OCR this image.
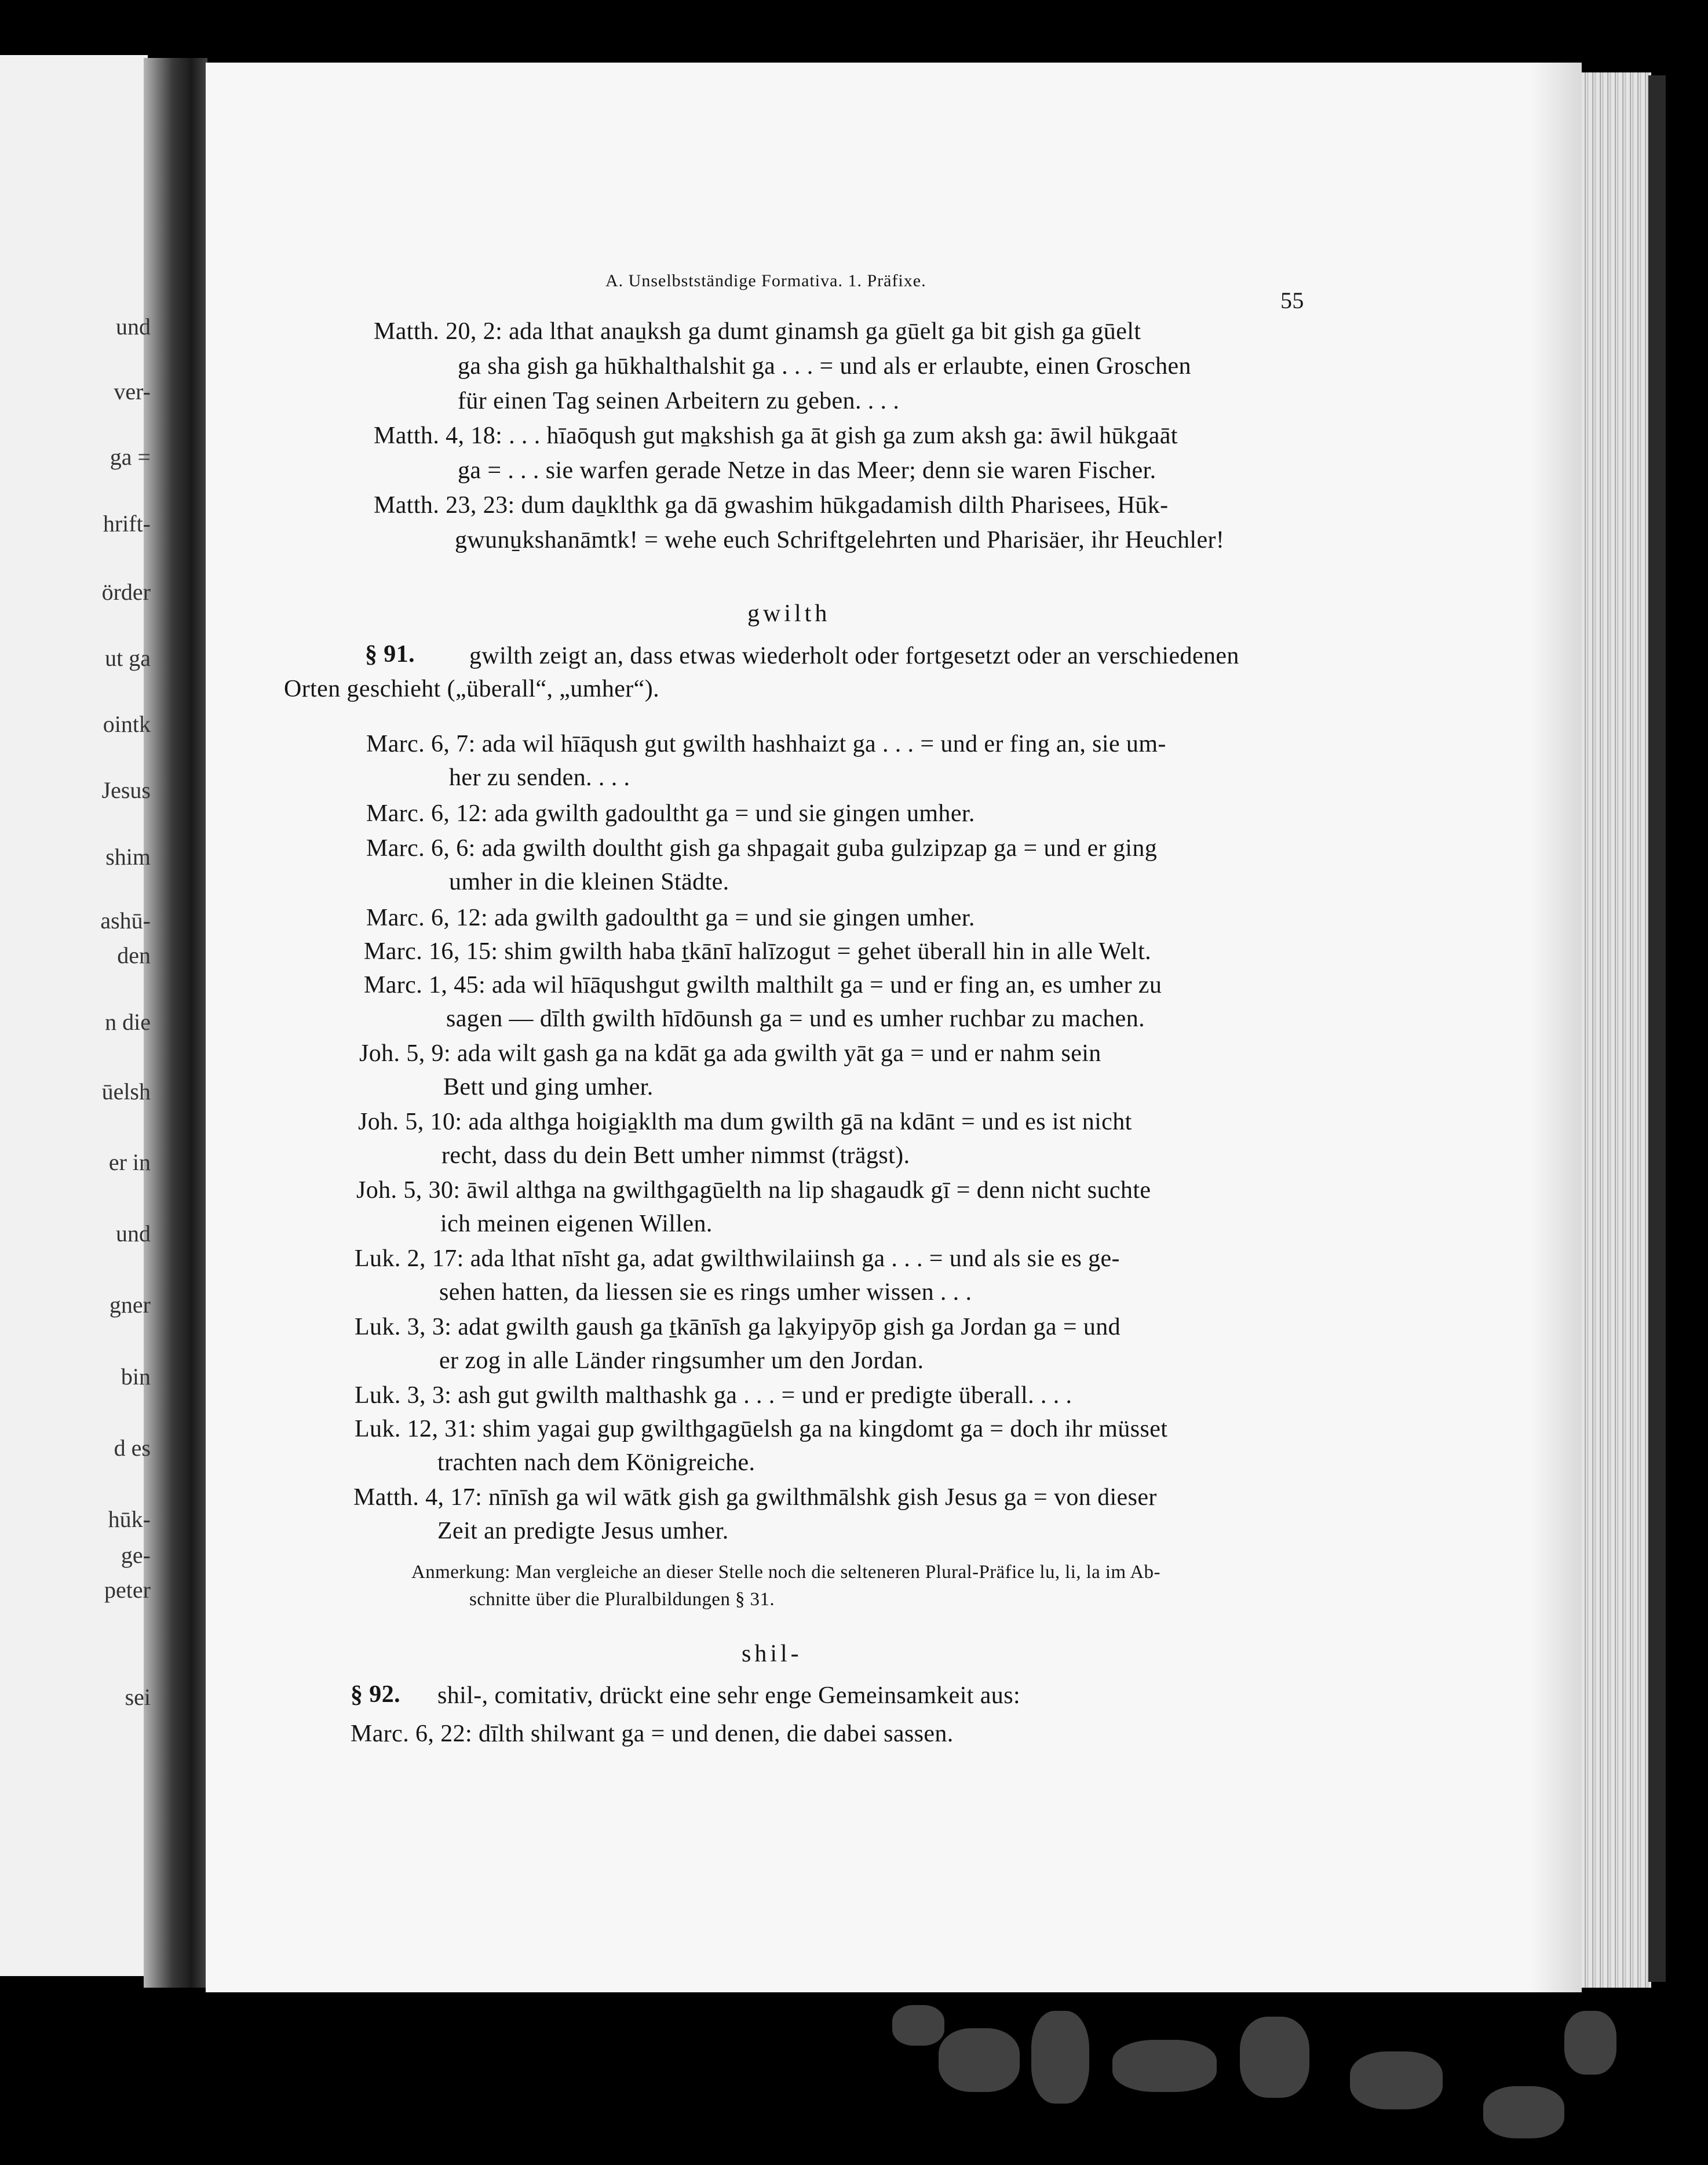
und
ver-
ga =
hrift-
örder
ut ga
ointk
Jesus
shim
ashū-
den
n die
ūelsh
er in
und
gner
bin
d es
hūk-
ge-
peter
sei
A. Unselbstständige Formativa. 1. Präfixe.
55
Matth. 20, 2: ada lthat anau̱ksh ga dumt ginamsh ga gūelt ga bit gish ga gūelt
ga sha gish ga hūkhalthalshit ga . . . = und als er erlaubte, einen Groschen
für einen Tag seinen Arbeitern zu geben. . . .
Matth. 4, 18: . . . hīaōqush gut ma̱kshish ga āt gish ga zum aksh ga: āwil hūkgaāt
ga = . . . sie warfen gerade Netze in das Meer; denn sie waren Fischer.
Matth. 23, 23: dum dau̱klthk ga dā gwashim hūkgadamish dilth Pharisees, Hūk-
gwunu̱kshanāmtk! = wehe euch Schriftgelehrten und Pharisäer, ihr Heuchler!
gwilth
§ 91. gwilth zeigt an, dass etwas wiederholt oder fortgesetzt oder an verschiedenen
Orten geschieht („überall“, „umher“).
Marc. 6, 7: ada wil hīāqush gut gwilth hashhaizt ga . . . = und er fing an, sie um-
her zu senden. . . .
Marc. 6, 12: ada gwilth gadoultht ga = und sie gingen umher.
Marc. 6, 6: ada gwilth doultht gish ga shpagait guba gulzipzap ga = und er ging
umher in die kleinen Städte.
Marc. 6, 12: ada gwilth gadoultht ga = und sie gingen umher.
Marc. 16, 15: shim gwilth haba ṯkānī halīzogut = gehet überall hin in alle Welt.
Marc. 1, 45: ada wil hīāqushgut gwilth malthilt ga = und er fing an, es umher zu
sagen — dīlth gwilth hīdōunsh ga = und es umher ruchbar zu machen.
Joh. 5, 9: ada wilt gash ga na kdāt ga ada gwilth yāt ga = und er nahm sein
Bett und ging umher.
Joh. 5, 10: ada althga hoigia̱klth ma dum gwilth gā na kdānt = und es ist nicht
recht, dass du dein Bett umher nimmst (trägst).
Joh. 5, 30: āwil althga na gwilthgagūelth na lip shagaudk gī = denn nicht suchte
ich meinen eigenen Willen.
Luk. 2, 17: ada lthat nīsht ga, adat gwilthwilaiinsh ga . . . = und als sie es ge-
sehen hatten, da liessen sie es rings umher wissen . . .
Luk. 3, 3: adat gwilth gaush ga ṯkānīsh ga la̱kyipyōp gish ga Jordan ga = und
er zog in alle Länder ringsumher um den Jordan.
Luk. 3, 3: ash gut gwilth malthashk ga . . . = und er predigte überall. . . .
Luk. 12, 31: shim yagai gup gwilthgagūelsh ga na kingdomt ga = doch ihr müsset
trachten nach dem Königreiche.
Matth. 4, 17: nīnīsh ga wil wātk gish ga gwilthmālshk gish Jesus ga = von dieser
Zeit an predigte Jesus umher.
Anmerkung: Man vergleiche an dieser Stelle noch die selteneren Plural-Präfice lu, li, la im Ab-
schnitte über die Pluralbildungen § 31.
shil-
§ 92. shil-, comitativ, drückt eine sehr enge Gemeinsamkeit aus:
Marc. 6, 22: dīlth shilwant ga = und denen, die dabei sassen.
